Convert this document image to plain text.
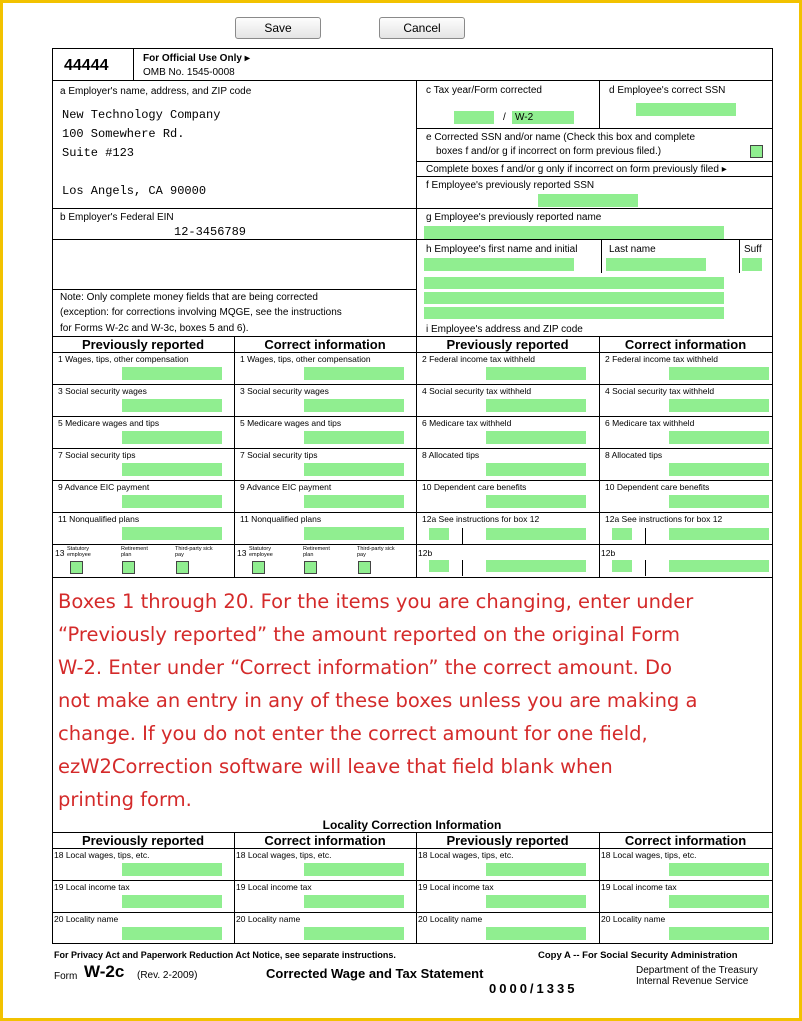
Save	Cancel
44444	For Official Use Only ▸
OMB No. 1545-0008
a Employer's name, address, and ZIP code
New Technology Company
100 Somewhere Rd.
Suite #123
Los Angels, CA 90000
b Employer's Federal EIN
12-3456789
Note: Only complete money fields that are being corrected
(exception: for corrections involving MQGE, see the instructions
for Forms W-2c and W-3c, boxes 5 and 6).
c Tax year/Form corrected
/ W-2
d Employee's correct SSN
e Corrected SSN and/or name (Check this box and complete
boxes f and/or g if incorrect on form previous filed.)
Complete boxes f and/or g only if incorrect on form previously filed ▸
f Employee's previously reported SSN
g Employee's previously reported name
h Employee's first name and initial	Last name	Suff
i Employee's address and ZIP code
Previously reported	Correct information	Previously reported	Correct information
1 Wages, tips, other compensation	1 Wages, tips, other compensation	2 Federal income tax withheld	2 Federal income tax withheld
3 Social security wages	3 Social security wages	4 Social security tax withheld	4 Social security tax withheld
5 Medicare wages and tips	5 Medicare wages and tips	6 Medicare tax withheld	6 Medicare tax withheld
7 Social security tips	7 Social security tips	8 Allocated tips	8 Allocated tips
9 Advance EIC payment	9 Advance EIC payment	10 Dependent care benefits	10 Dependent care benefits
11 Nonqualified plans	11 Nonqualified plans	12a See instructions for box 12	12a See instructions for box 12
13 Statutory employee
Retirement plan
Third-party sick pay	13 Statutory employee
Retirement plan
Third-party sick pay	12b	12b
Locality Correction Information
Previously reported	Correct information	Previously reported	Correct information
18 Local wages, tips, etc.	18 Local wages, tips, etc.	18 Local wages, tips, etc.	18 Local wages, tips, etc.
19 Local income tax	19 Local income tax	19 Local income tax	19 Local income tax
20 Locality name	20 Locality name	20 Locality name	20 Locality name
For Privacy Act and Paperwork Reduction Act Notice, see separate instructions.	Copy A -- For Social Security Administration
Form W-2c (Rev. 2-2009)	Corrected Wage and Tax Statement
0000/1335
Department of the Treasury
Internal Revenue Service
Boxes 1 through 20. For the items you are changing, enter under
“Previously reported” the amount reported on the original Form
W-2. Enter under “Correct information” the correct amount. Do
not make an entry in any of these boxes unless you are making a
change. If you do not enter the correct amount for one field,
ezW2Correction software will leave that field blank when
printing form.
